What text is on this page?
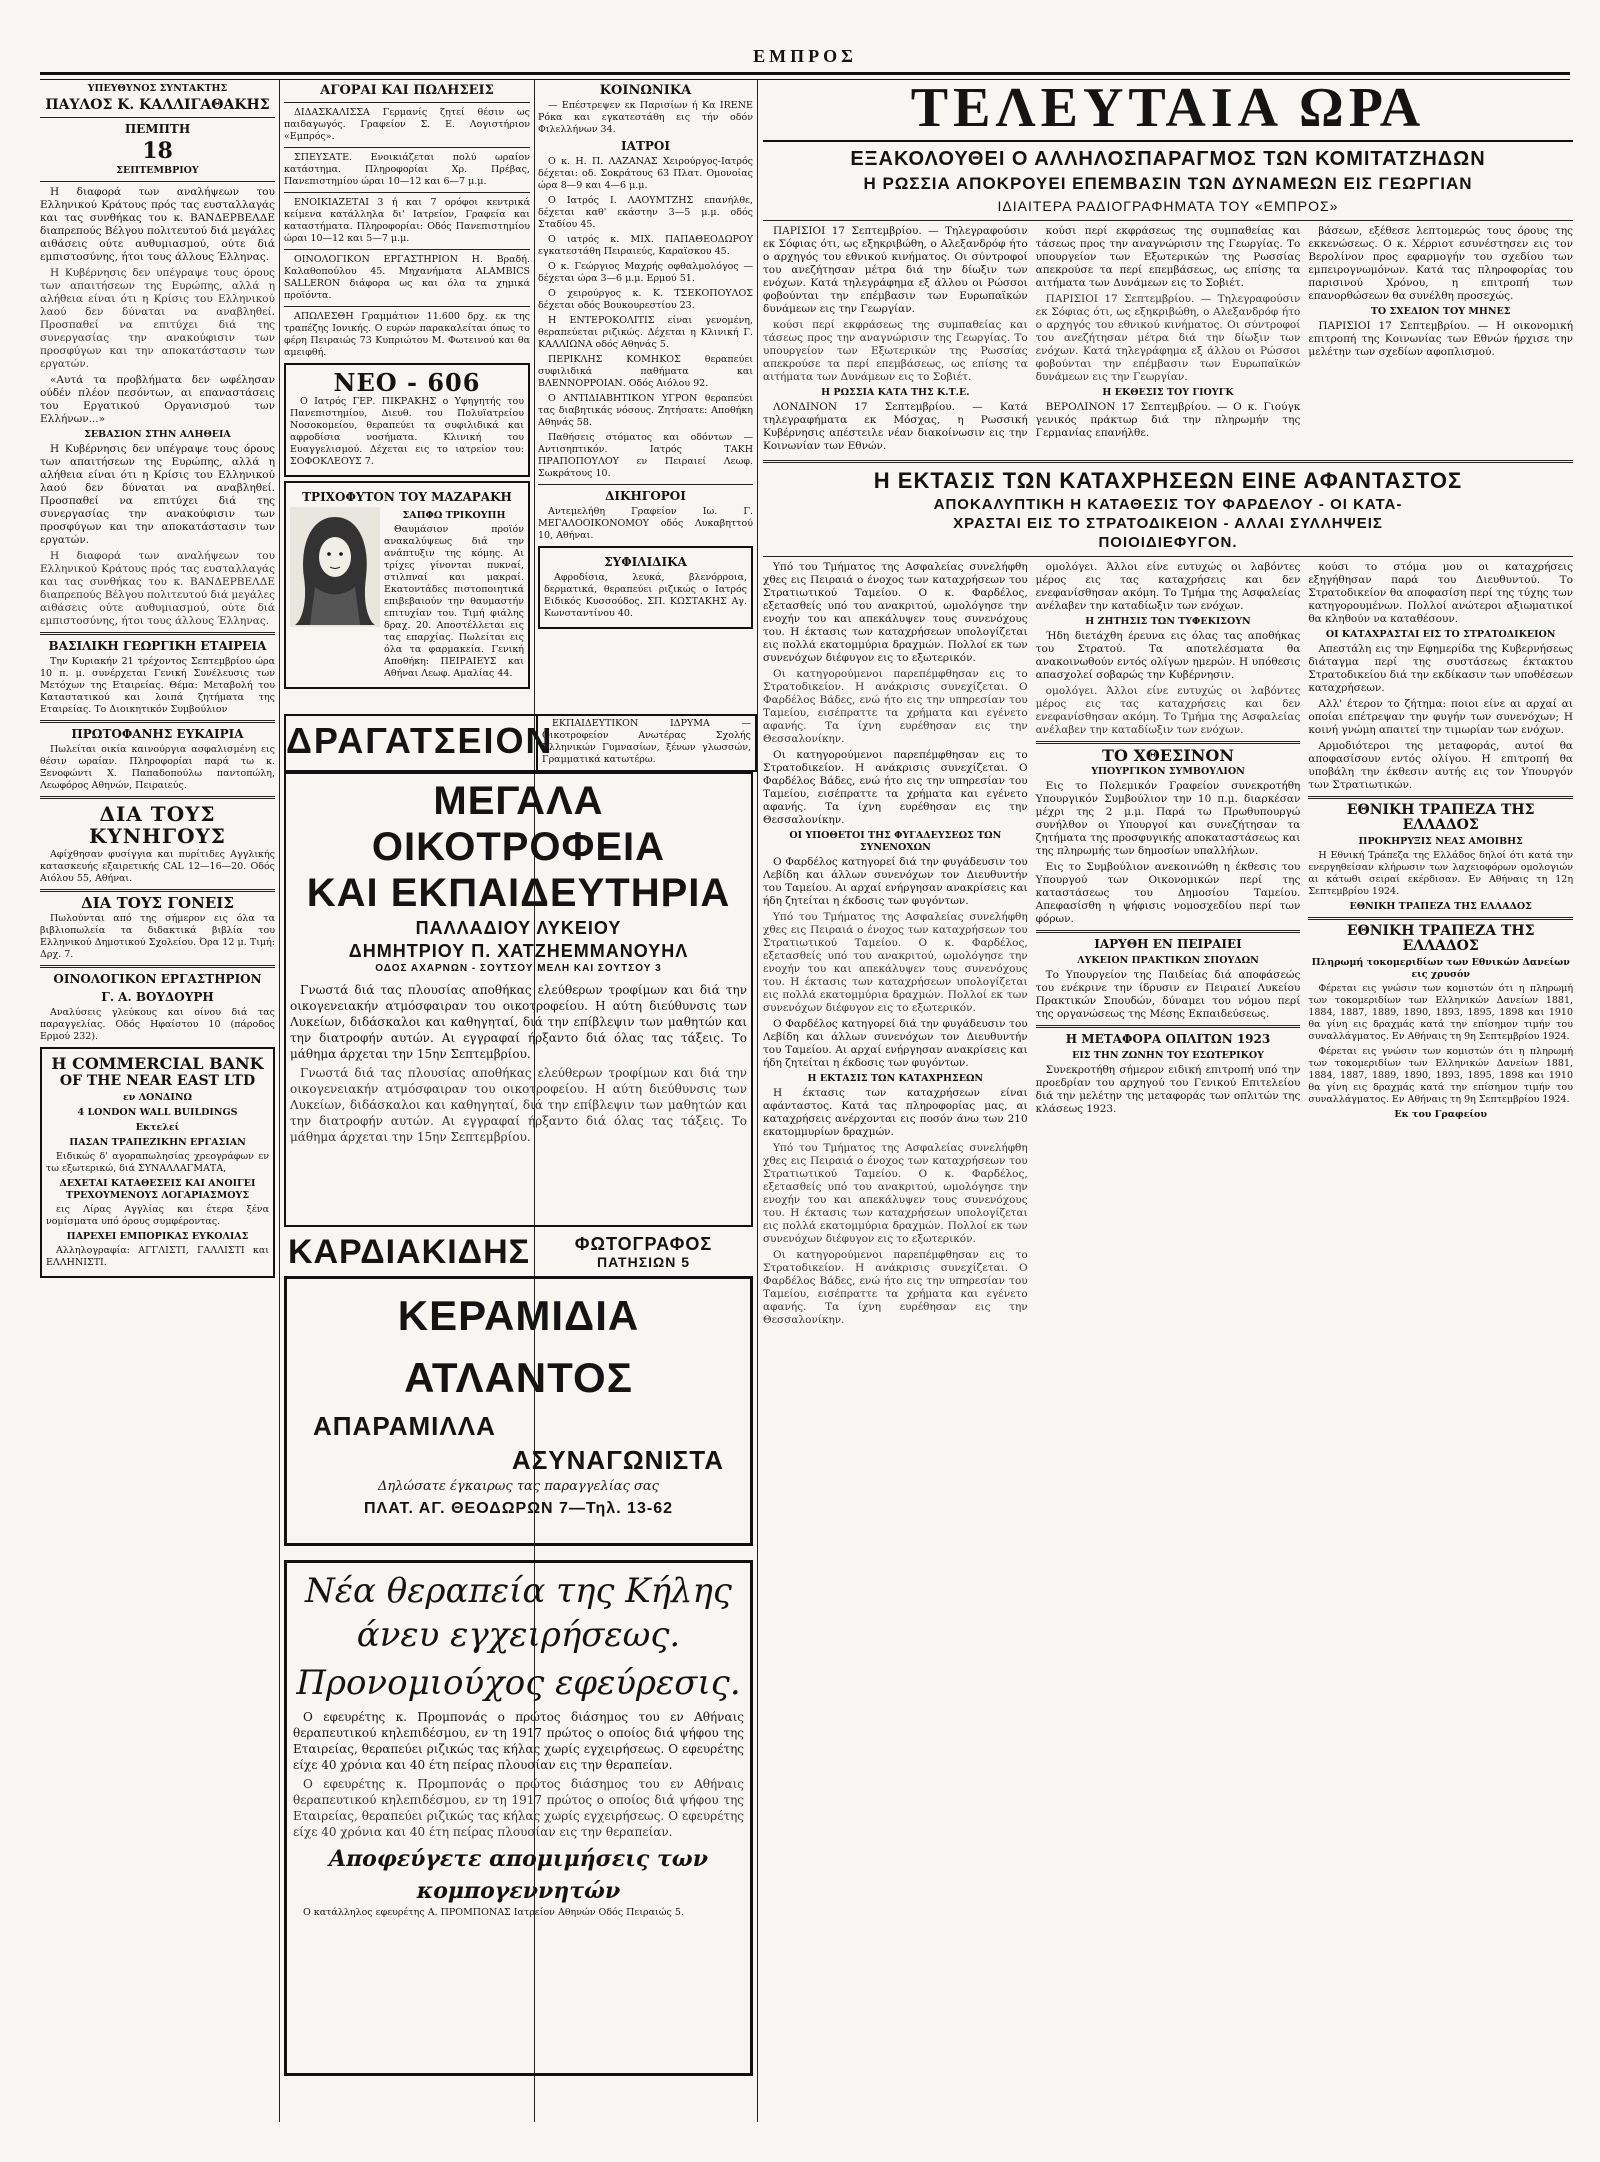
ΕΜΠΡΟΣ
ΥΠΕΥΘΥΝΟΣ ΣΥΝΤΑΚΤΗΣ
ΠΑΥΛΟΣ Κ. ΚΑΛΛΙΓΑΘΑΚΗΣ
ΠΕΜΠΤΗ
18
ΣΕΠΤΕΜΒΡΙΟΥ

Η διαφορά των αναλήψεων του Ελληνικού Κράτους πρός τας ευσταλλαγάς και τας συνθήκας του κ. ΒΑΝΔΕΡΒΕΛΔΕ διαπρεπούς Βέλγου πολιτευτού διά μεγάλες αιθάσεις ούτε αυθυμιασμού, ούτε διά εμπιστοσύνης, ήτοι τους άλλους Έλληνας.

Η Κυβέρνησις δεν υπέγραψε τους όρους των απαιτήσεων της Ευρώπης, αλλά η αλήθεια είναι ότι η Κρίσις του Ελληνικού λαού δεν δύναται να αναβληθεί. Προσπαθεί να επιτύχει διά της συνεργασίας την ανακούφισιν των προσφύγων και την αποκατάστασιν των εργατών.

«Αυτά τα προβλήματα δεν ωφέλησαν ούδέν πλέον πεσόντων, αι επαναστάσεις του Εργατικού Οργανισμού των Ελλήνων...»

ΣΕΒΑΣΙΟΝ ΣΤΗΝ ΑΛΗΘΕΙΑ

Η Κυβέρνησις δεν υπέγραψε τους όρους των απαιτήσεων της Ευρώπης, αλλά η αλήθεια είναι ότι η Κρίσις του Ελληνικού λαού δεν δύναται να αναβληθεί. Προσπαθεί να επιτύχει διά της συνεργασίας την ανακούφισιν των προσφύγων και την αποκατάστασιν των εργατών.

Η διαφορά των αναλήψεων του Ελληνικού Κράτους πρός τας ευσταλλαγάς και τας συνθήκας του κ. ΒΑΝΔΕΡΒΕΛΔΕ διαπρεπούς Βέλγου πολιτευτού διά μεγάλες αιθάσεις ούτε αυθυμιασμού, ούτε διά εμπιστοσύνης, ήτοι τους άλλους Έλληνας.

ΒΑΣΙΛΙΚΗ ΓΕΩΡΓΙΚΗ ΕΤΑΙΡΕΙΑ

Την Κυριακήν 21 τρέχοντος Σεπτεμβρίου ώρα 10 π. μ. συνέρχεται Γενική Συνέλευσις των Μετόχων της Εταιρείας. Θέμα: Μεταβολή του Καταστατικού και λοιπά ζητήματα της Εταιρείας. Το Διοικητικόν Συμβούλιον

ΠΡΩΤΟΦΑΝΗΣ ΕΥΚΑΙΡΙΑ

Πωλείται οικία καινούργια ασφαλισμένη εις θέσιν ωραίαν. Πληροφορίαι παρά τω κ. Ξενοφώντι Χ. Παπαδοπούλω παντοπώλη, Λεωφόρος Αθηνών, Πειραιεύς.

ΔΙΑ ΤΟΥΣ ΚΥΝΗΓΟΥΣ

Αφίχθησαν φυσίγγια και πυρίτιδες Αγγλικής κατασκευής εξαιρετικής CAL 12—16—20. Οδός Αιόλου 55, Αθήναι.

ΔΙΑ ΤΟΥΣ ΓΟΝΕΙΣ

Πωλούνται από της σήμερον εις όλα τα βιβλιοπωλεία τα διδακτικά βιβλία του Ελληνικού Δημοτικού Σχολείου. Όρα 12 μ. Τιμή: Δρχ. 7.

ΟΙΝΟΛΟΓΙΚΟΝ ΕΡΓΑΣΤΗΡΙΟΝ
Γ. Α. ΒΟΥΔΟΥΡΗ

Αναλύσεις γλεύκους και οίνου διά τας παραγγελίας. Οδός Ηφαίστου 10 (πάροδος Ερμού 232).

Η COMMERCIAL BANK
OF THE NEAR EAST LTD
εν ΛΟΝΔΙΝΩ
4 LONDON WALL BUILDINGS
Εκτελεί
ΠΑΣΑΝ ΤΡΑΠΕΖΙΚΗΝ ΕΡΓΑΣΙΑΝ

Ειδικώς δ' αγοραπωλησίας χρεογράφων εν τω εξωτερικώ, διά ΣΥΝΑΛΛΑΓΜΑΤΑ,

ΔΕΧΕΤΑΙ ΚΑΤΑΘΕΣΕΙΣ ΚΑΙ ΑΝΟΙΓΕΙ ΤΡΕΧΟΥΜΕΝΟΥΣ ΛΟΓΑΡΙΑΣΜΟΥΣ

εις Λίρας Αγγλίας και έτερα ξένα νομίσματα υπό όρους συμφέροντας.

ΠΑΡΕΧΕΙ ΕΜΠΟΡΙΚΑΣ ΕΥΚΟΛΙΑΣ

Αλληλογραφία: ΑΓΓΛΙΣΤΙ, ΓΑΛΛΙΣΤΙ και ΕΛΛΗΝΙΣΤΙ.

ΑΓΟΡΑΙ ΚΑΙ ΠΩΛΗΣΕΙΣ

ΔΙΔΑΣΚΑΛΙΣΣΑ Γερμανίς ζητεί θέσιν ως παιδαγωγός. Γραφείον Σ. Ε. Λογιστήριον «Εμπρός».

ΣΠΕΥΣΑΤΕ. Ενοικιάζεται πολύ ωραίον κατάστημα. Πληροφορίαι Χρ. Πρέβας, Πανεπιστημίου ώραι 10—12 και 6—7 μ.μ.

ΕΝΟΙΚΙΑΖΕΤΑΙ 3 ή και 7 ορόφοι κεντρικά κείμενα κατάλληλα δι' Ιατρείον, Γραφεία και καταστήματα. Πληροφορίαι: Οδός Πανεπιστημίου ώραι 10—12 και 5—7 μ.μ.

ΟΙΝΟΛΟΓΙΚΟΝ ΕΡΓΑΣΤΗΡΙΟΝ Η. Βραδή. Καλαθοπούλου 45. Μηχανήματα ALAMBICS SALLERON διάφορα ως και όλα τα χημικά προϊόντα.

ΑΠΩΛΕΣΘΗ Γραμμάτιον 11.600 δρχ. εκ της τραπέζης Ιονικής. Ο ευρών παρακαλείται όπως το φέρη Πειραιώς 73 Κυπριώτου Μ. Φωτεινού και θα αμειφθή.

ΝΕΟ - 606

Ο Ιατρός ΓΕΡ. ΠΙΚΡΑΚΗΣ ο Υφηγητής του Πανεπιστημίου, Διευθ. του Πολυϊατρείου Νοσοκομείου, θεραπεύει τα συφιλιδικά και αφροδίσια νοσήματα. Κλινική του Ευαγγελισμού. Δέχεται εις το ιατρείον του: ΣΟΦΟΚΛΕΟΥΣ 7.

ΤΡΙΧΟΦΥΤΟΝ ΤΟΥ ΜΑΖΑΡΑΚΗ
ΣΑΠΦΩ ΤΡΙΚΟΥΠΗ

Θαυμάσιον προϊόν ανακαλύψεως διά την ανάπτυξιν της κόμης. Αι τρίχες γίνονται πυκναί, στιλπναί και μακραί. Εκατοντάδες πιστοποιητικά επιβεβαιούν την θαυμαστήν επιτυχίαν του. Τιμή φιάλης δραχ. 20. Αποστέλλεται εις τας επαρχίας. Πωλείται εις όλα τα φαρμακεία. Γενική Αποθήκη: ΠΕΙΡΑΙΕΥΣ και Αθήναι Λεωφ. Αμαλίας 44.

ΚΟΙΝΩΝΙΚΑ

— Επέστρεψεν εκ Παρισίων ή Κα IRENE Ρόκα και εγκατεστάθη εις τήν οδόν Φιλελλήνων 34.

ΙΑΤΡΟΙ

Ο κ. Η. Π. ΛΑΖΑΝΑΣ Χειρούργος-Ιατρός δέχεται: οδ. Σοκράτους 63 Πλατ. Ομονοίας ώρα 8—9 και 4—6 μ.μ.

Ο Ιατρός Ι. ΛΑΟΥΜΤΖΗΣ επανήλθε, δέχεται καθ' εκάστην 3—5 μ.μ. οδός Σταδίου 45.

Ο ιατρός κ. ΜΙΧ. ΠΑΠΑΘΕΟΔΩΡΟΥ εγκατεστάθη Πειραιεύς, Καραϊσκου 45.

Ο κ. Γεώργιος Μαχρής οφθαλμολόγος — δέχεται ώρα 3—6 μ.μ. Ερμού 51.

Ο χειρούργος κ. Κ. ΤΣΕΚΟΠΟΥΛΟΣ δέχεται οδός Βουκουρεστίου 23.

Η ΕΝΤΕΡΟΚΟΛΙΤΙΣ είναι γενομένη, θεραπεύεται ριζικώς. Δέχεται η Κλινική Γ. ΚΑΛΛΙΩΝΑ οδός Αθηνάς 5.

ΠΕΡΙΚΛΗΣ ΚΟΜΗΚΟΣ θεραπεύει συφιλιδικά παθήματα και ΒΛΕΝΝΟΡΡΟΙΑΝ. Οδός Αιόλου 92.

Ο ΑΝΤΙΔΙΑΒΗΤΙΚΟΝ ΥΓΡΟΝ θεραπεύει τας διαβητικάς νόσους. Ζητήσατε: Αποθήκη Αθηνάς 58.

Παθήσεις στόματος και οδόντων — Αντισηπτικόν. Ιατρός ΤΑΚΗ ΠΡΑΠΟΠΟΥΛΟΥ εν Πειραιεί Λεωφ. Σωκράτους 10.

ΔΙΚΗΓΟΡΟΙ

Αντεμελήθη Γραφείον Ιω. Γ. ΜΕΓΑΛΟΟΙΚΟΝΟΜΟΥ οδός Λυκαβηττού 10, Αθήναι.

ΣΥΦΙΛΙΔΙΚΑ

Αφροδίσια, λευκά, βλενόρροια, δερματικά, θεραπεύει ριζικώς ο Ιατρός Ειδικός Κυσσούδος. ΣΠ. ΚΩΣΤΑΚΗΣ Αγ. Κωνσταντίνου 40.

ΔΡΑΓΑΤΣΕΙΟΝ

ΕΚΠΑΙΔΕΥΤΙΚΟΝ ΙΔΡΥΜΑ — Οικοτροφείον Ανωτέρας Σχολής Ελληνικών Γυμνασίων, ξένων γλωσσών, Γραμματικά κατωτέρω.

ΜΕΓΑΛΑ ΟΙΚΟΤΡΟΦΕΙΑ
ΚΑΙ ΕΚΠΑΙΔΕΥΤΗΡΙΑ
ΠΑΛΛΑΔΙΟΥ ΛΥΚΕΙΟΥ
ΔΗΜΗΤΡΙΟΥ Π. ΧΑΤΖΗΕΜΜΑΝΟΥΗΛ
ΟΔΟΣ ΑΧΑΡΝΩΝ - ΣΟΥΤΣΟΥ ΜΕΛΗ ΚΑΙ ΣΟΥΤΣΟΥ 3

Γνωστά διά τας πλουσίας αποθήκας ελεύθερων τροφίμων και διά την οικογενειακήν ατμόσφαιραν του οικοτροφείου. Η αύτη διεύθυνσις των Λυκείων, διδάσκαλοι και καθηγηταί, διά την επίβλεψιν των μαθητών και την διατροφήν αυτών. Αι εγγραφαί ήρξαντο διά όλας τας τάξεις. Το μάθημα άρχεται την 15ην Σεπτεμβρίου.

Γνωστά διά τας πλουσίας αποθήκας ελεύθερων τροφίμων και διά την οικογενειακήν ατμόσφαιραν του οικοτροφείου. Η αύτη διεύθυνσις των Λυκείων, διδάσκαλοι και καθηγηταί, διά την επίβλεψιν των μαθητών και την διατροφήν αυτών. Αι εγγραφαί ήρξαντο διά όλας τας τάξεις. Το μάθημα άρχεται την 15ην Σεπτεμβρίου.

ΚΑΡΔΙΑΚΙΔΗΣ	ΦΩΤΟΓΡΑΦΟΣ
ΠΑΤΗΣΙΩΝ 5
ΚΕΡΑΜΙΔΙΑ ΑΤΛΑΝΤΟΣ
ΑΠΑΡΑΜΙΛΛΑ
ΑΣΥΝΑΓΩΝΙΣΤΑ
Δηλώσατε έγκαιρως τας παραγγελίας σας
ΠΛΑΤ. ΑΓ. ΘΕΟΔΩΡΩΝ 7—Τηλ. 13-62
Νέα θεραπεία της Κήλης
άνευ εγχειρήσεως.
Προνομιούχος εφεύρεσις.

Ο εφευρέτης κ. Προμπονάς ο πρώτος διάσημος του εν Αθήναις θεραπευτικού κηλεπιδέσμου, εν τη 1917 πρώτος ο οποίος διά ψήφου της Εταιρείας, θεραπεύει ριζικώς τας κήλας χωρίς εγχειρήσεως. Ο εφευρέτης είχε 40 χρόνια και 40 έτη πείρας πλουσίαν εις την θεραπείαν.

Ο εφευρέτης κ. Προμπονάς ο πρώτος διάσημος του εν Αθήναις θεραπευτικού κηλεπιδέσμου, εν τη 1917 πρώτος ο οποίος διά ψήφου της Εταιρείας, θεραπεύει ριζικώς τας κήλας χωρίς εγχειρήσεως. Ο εφευρέτης είχε 40 χρόνια και 40 έτη πείρας πλουσίαν εις την θεραπείαν.

Αποφεύγετε απομιμήσεις των κομπογεννητών

Ο κατάλληλος εφευρέτης Α. ΠΡΟΜΠΟΝΑΣ Ιατρείον Αθηνών Οδός Πειραιώς 5.

ΤΕΛΕΥΤΑΙΑ ΩΡΑ
ΕΞΑΚΟΛΟΥΘΕΙ Ο ΑΛΛΗΛΟΣΠΑΡΑΓΜΟΣ ΤΩΝ ΚΟΜΙΤΑΤΖΗΔΩΝ
Η ΡΩΣΣΙΑ ΑΠΟΚΡΟΥΕΙ ΕΠΕΜΒΑΣΙΝ ΤΩΝ ΔΥΝΑΜΕΩΝ ΕΙΣ ΓΕΩΡΓΙΑΝ
ΙΔΙΑΙΤΕΡΑ ΡΑΔΙΟΓΡΑΦΗΜΑΤΑ ΤΟΥ «ΕΜΠΡΟΣ»

ΠΑΡΙΣΙΟΙ 17 Σεπτεμβρίου. — Τηλεγραφούσιν εκ Σόφιας ότι, ως εξηκριβώθη, ο Αλεξανδρόφ ήτο ο αρχηγός του εθνικού κινήματος. Οι σύντροφοί του ανεζήτησαν μέτρα διά την δίωξιν των ενόχων. Κατά τηλεγράφημα εξ άλλου οι Ρώσσοι φοβούνται την επέμβασιν των Ευρωπαϊκών δυνάμεων εις την Γεωργίαν.

κούσι περί εκφράσεως της συμπαθείας και τάσεως προς την αναγνώρισιν της Γεωργίας. Το υπουργείον των Εξωτερικών της Ρωσσίας απεκρούσε τα περί επεμβάσεως, ως επίσης τα αιτήματα των Δυνάμεων εις το Σοβιέτ.

Η ΡΩΣΣΙΑ ΚΑΤΑ ΤΗΣ Κ.Τ.Ε.

ΛΟΝΔΙΝΟΝ 17 Σεπτεμβρίου. — Κατά τηλεγραφήματα εκ Μόσχας, η Ρωσσική Κυβέρνησις απέστειλε νέαν διακοίνωσιν εις την Κοινωνίαν των Εθνών.

κούσι περί εκφράσεως της συμπαθείας και τάσεως προς την αναγνώρισιν της Γεωργίας. Το υπουργείον των Εξωτερικών της Ρωσσίας απεκρούσε τα περί επεμβάσεως, ως επίσης τα αιτήματα των Δυνάμεων εις το Σοβιέτ.

ΠΑΡΙΣΙΟΙ 17 Σεπτεμβρίου. — Τηλεγραφούσιν εκ Σόφιας ότι, ως εξηκριβώθη, ο Αλεξανδρόφ ήτο ο αρχηγός του εθνικού κινήματος. Οι σύντροφοί του ανεζήτησαν μέτρα διά την δίωξιν των ενόχων. Κατά τηλεγράφημα εξ άλλου οι Ρώσσοι φοβούνται την επέμβασιν των Ευρωπαϊκών δυνάμεων εις την Γεωργίαν.

Η ΕΚΘΕΣΙΣ ΤΟΥ ΓΙΟΥΓΚ

ΒΕΡΟΛΙΝΟΝ 17 Σεπτεμβρίου. — Ο κ. Γιούγκ γενικός πράκτωρ διά την πληρωμήν της Γερμανίας επανήλθε.

βάσεων, εξέθεσε λεπτομερώς τους όρους της εκκενώσεως. Ο κ. Χέρριοτ εσυνέστησεν εις τον Βερολίνον προς εφαρμογήν του σχεδίου των εμπειρογνωμόνων. Κατά τας πληροφορίας του παρισινού Χρόνου, η επιτροπή των επανορθώσεων θα συνέλθη προσεχώς.

ΤΟ ΣΧΕΔΙΟΝ ΤΟΥ ΜΗΝΕΣ

ΠΑΡΙΣΙΟΙ 17 Σεπτεμβρίου. — Η οικονομική επιτροπή της Κοινωνίας των Εθνών ήρχισε την μελέτην των σχεδίων αφοπλισμού.

Η ΕΚΤΑΣΙΣ ΤΩΝ ΚΑΤΑΧΡΗΣΕΩΝ ΕΙΝΕ ΑΦΑΝΤΑΣΤΟΣ
ΑΠΟΚΑΛΥΠΤΙΚΗ Η ΚΑΤΑΘΕΣΙΣ ΤΟΥ ΦΑΡΔΕΛΟΥ - ΟΙ ΚΑΤΑ-
ΧΡΑΣΤΑΙ ΕΙΣ ΤΟ ΣΤΡΑΤΟΔΙΚΕΙΟΝ - ΑΛΛΑΙ ΣΥΛΛΗΨΕΙΣ
ΠΟΙΟΙΔΙΕΦΥΓΟΝ.

Υπό του Τμήματος της Ασφαλείας συνελήφθη χθες εις Πειραιά ο ένοχος των καταχρήσεων του Στρατιωτικού Ταμείου. Ο κ. Φαρδέλος, εξετασθείς υπό του ανακριτού, ωμολόγησε την ενοχήν του και απεκάλυψεν τους συνενόχους του. Η έκτασις των καταχρήσεων υπολογίζεται εις πολλά εκατομμύρια δραχμών. Πολλοί εκ των συνενόχων διέφυγον εις το εξωτερικόν.

Οι κατηγορούμενοι παρεπέμφθησαν εις το Στρατοδικείον. Η ανάκρισις συνεχίζεται. Ο Φαρδέλος Βάδες, ενώ ήτο εις την υπηρεσίαν του Ταμείου, εισέπραττε τα χρήματα και εγένετο αφανής. Τα ίχνη ευρέθησαν εις την Θεσσαλονίκην.

Οι κατηγορούμενοι παρεπέμφθησαν εις το Στρατοδικείον. Η ανάκρισις συνεχίζεται. Ο Φαρδέλος Βάδες, ενώ ήτο εις την υπηρεσίαν του Ταμείου, εισέπραττε τα χρήματα και εγένετο αφανής. Τα ίχνη ευρέθησαν εις την Θεσσαλονίκην.

ΟΙ ΥΠΟΘΕΤΟΙ ΤΗΣ ΦΥΓΑΔΕΥΣΕΩΣ ΤΩΝ ΣΥΝΕΝΟΧΩΝ

Ο Φαρδέλος κατηγορεί διά την φυγάδευσιν του Λεβίδη και άλλων συνενόχων τον Διευθυντήν του Ταμείου. Αι αρχαί ενήργησαν ανακρίσεις και ήδη ζητείται η έκδοσις των φυγόντων.

Υπό του Τμήματος της Ασφαλείας συνελήφθη χθες εις Πειραιά ο ένοχος των καταχρήσεων του Στρατιωτικού Ταμείου. Ο κ. Φαρδέλος, εξετασθείς υπό του ανακριτού, ωμολόγησε την ενοχήν του και απεκάλυψεν τους συνενόχους του. Η έκτασις των καταχρήσεων υπολογίζεται εις πολλά εκατομμύρια δραχμών. Πολλοί εκ των συνενόχων διέφυγον εις το εξωτερικόν.

Ο Φαρδέλος κατηγορεί διά την φυγάδευσιν του Λεβίδη και άλλων συνενόχων τον Διευθυντήν του Ταμείου. Αι αρχαί ενήργησαν ανακρίσεις και ήδη ζητείται η έκδοσις των φυγόντων.

Η ΕΚΤΑΣΙΣ ΤΩΝ ΚΑΤΑΧΡΗΣΕΩΝ

Η έκτασις των καταχρήσεων είναι αφάνταστος. Κατά τας πληροφορίας μας, αι καταχρήσεις ανέρχονται εις ποσόν άνω των 210 εκατομμυρίων δραχμών.

Υπό του Τμήματος της Ασφαλείας συνελήφθη χθες εις Πειραιά ο ένοχος των καταχρήσεων του Στρατιωτικού Ταμείου. Ο κ. Φαρδέλος, εξετασθείς υπό του ανακριτού, ωμολόγησε την ενοχήν του και απεκάλυψεν τους συνενόχους του. Η έκτασις των καταχρήσεων υπολογίζεται εις πολλά εκατομμύρια δραχμών. Πολλοί εκ των συνενόχων διέφυγον εις το εξωτερικόν.

Οι κατηγορούμενοι παρεπέμφθησαν εις το Στρατοδικείον. Η ανάκρισις συνεχίζεται. Ο Φαρδέλος Βάδες, ενώ ήτο εις την υπηρεσίαν του Ταμείου, εισέπραττε τα χρήματα και εγένετο αφανής. Τα ίχνη ευρέθησαν εις την Θεσσαλονίκην.

ομολόγει. Άλλοι είνε ευτυχώς οι λαβόντες μέρος εις τας καταχρήσεις και δεν ενεφανίσθησαν ακόμη. Το Τμήμα της Ασφαλείας ανέλαβεν την καταδίωξιν των ενόχων.

Η ΖΗΤΗΣΙΣ ΤΩΝ ΤΥΦΕΚΙΣΟΥΝ

Ήδη διετάχθη έρευνα εις όλας τας αποθήκας του Στρατού. Τα αποτελέσματα θα ανακοινωθούν εντός ολίγων ημερών. Η υπόθεσις απασχολεί σοβαρώς την Κυβέρνησιν.

ομολόγει. Άλλοι είνε ευτυχώς οι λαβόντες μέρος εις τας καταχρήσεις και δεν ενεφανίσθησαν ακόμη. Το Τμήμα της Ασφαλείας ανέλαβεν την καταδίωξιν των ενόχων.

ΤΟ ΧΘΕΣΙΝΟΝ
ΥΠΟΥΡΓΙΚΟΝ ΣΥΜΒΟΥΛΙΟΝ

Εις το Πολεμικόν Γραφείον συνεκροτήθη Υπουργικόν Συμβούλιον την 10 π.μ. διαρκέσαν μέχρι της 2 μ.μ. Παρά τω Πρωθυπουργώ συνήλθον οι Υπουργοί και συνεζήτησαν τα ζητήματα της προσφυγικής αποκαταστάσεως και της πληρωμής των δημοσίων υπαλλήλων.

Εις το Συμβούλιον ανεκοινώθη η έκθεσις του Υπουργού των Οικονομικών περί της καταστάσεως του Δημοσίου Ταμείου. Απεφασίσθη η ψήφισις νομοσχεδίου περί των φόρων.

ΙΑΡΥΘΗ ΕΝ ΠΕΙΡΑΙΕΙ
ΛΥΚΕΙΟΝ ΠΡΑΚΤΙΚΩΝ ΣΠΟΥΔΩΝ

Το Υπουργείον της Παιδείας διά αποφάσεώς του ενέκρινε την ίδρυσιν εν Πειραιεί Λυκείου Πρακτικών Σπουδών, δύναμει του νόμου περί της οργανώσεως της Μέσης Εκπαιδεύσεως.

Η ΜΕΤΑΦΟΡΑ ΟΠΛΙΤΩΝ 1923
ΕΙΣ ΤΗΝ ΖΩΝΗΝ ΤΟΥ ΕΣΩΤΕΡΙΚΟΥ

Συνεκροτήθη σήμερον ειδική επιτροπή υπό την προεδρίαν του αρχηγού του Γενικού Επιτελείου διά την μελέτην της μεταφοράς των οπλιτών της κλάσεως 1923.

κούσι το στόμα μου οι καταχρήσεις εξηγήθησαν παρά του Διευθυντού. Το Στρατοδικείον θα αποφασίση περί της τύχης των κατηγορουμένων. Πολλοί ανώτεροι αξιωματικοί θα κληθούν να καταθέσουν.

ΟΙ ΚΑΤΑΧΡΑΣΤΑΙ ΕΙΣ ΤΟ ΣΤΡΑΤΟΔΙΚΕΙΟΝ

Απεστάλη εις την Εφημερίδα της Κυβερνήσεως διάταγμα περί της συστάσεως έκτακτου Στρατοδικείου διά την εκδίκασιν των υποθέσεων καταχρήσεων.

Αλλ' έτερον το ζήτημα: ποιοι είνε αι αρχαί αι οποίαι επέτρεψαν την φυγήν των συνενόχων; Η κοινή γνώμη απαιτεί την τιμωρίαν των ενόχων.

Αρμοδιότεροι της μεταφοράς, αυτοί θα αποφασίσουν εντός ολίγου. Η επιτροπή θα υποβάλη την έκθεσιν αυτής εις τον Υπουργόν των Στρατιωτικών.

ΕΘΝΙΚΗ ΤΡΑΠΕΖΑ ΤΗΣ ΕΛΛΑΔΟΣ
ΠΡΟΚΗΡΥΞΙΣ ΝΕΑΣ ΑΜΟΙΒΗΣ

Η Εθνική Τράπεζα της Ελλάδος δηλοί ότι κατά την ενεργηθείσαν κλήρωσιν των λαχειοφόρων ομολογιών αι κάτωθι σειραί εκέρδισαν. Εν Αθήναις τη 12η Σεπτεμβρίου 1924.

ΕΘΝΙΚΗ ΤΡΑΠΕΖΑ ΤΗΣ ΕΛΛΑΔΟΣ
ΕΘΝΙΚΗ ΤΡΑΠΕΖΑ ΤΗΣ ΕΛΛΑΔΟΣ
Πληρωμή τοκομεριδίων των Εθνικών Δανείων εις χρυσόν

Φέρεται εις γνώσιν των κομιστών ότι η πληρωμή των τοκομεριδίων των Ελληνικών Δανείων 1881, 1884, 1887, 1889, 1890, 1893, 1895, 1898 και 1910 θα γίνη εις δραχμάς κατά την επίσημον τιμήν του συναλλάγματος. Εν Αθήναις τη 9η Σεπτεμβρίου 1924.

Φέρεται εις γνώσιν των κομιστών ότι η πληρωμή των τοκομεριδίων των Ελληνικών Δανείων 1881, 1884, 1887, 1889, 1890, 1893, 1895, 1898 και 1910 θα γίνη εις δραχμάς κατά την επίσημον τιμήν του συναλλάγματος. Εν Αθήναις τη 9η Σεπτεμβρίου 1924.

Εκ του Γραφείου
